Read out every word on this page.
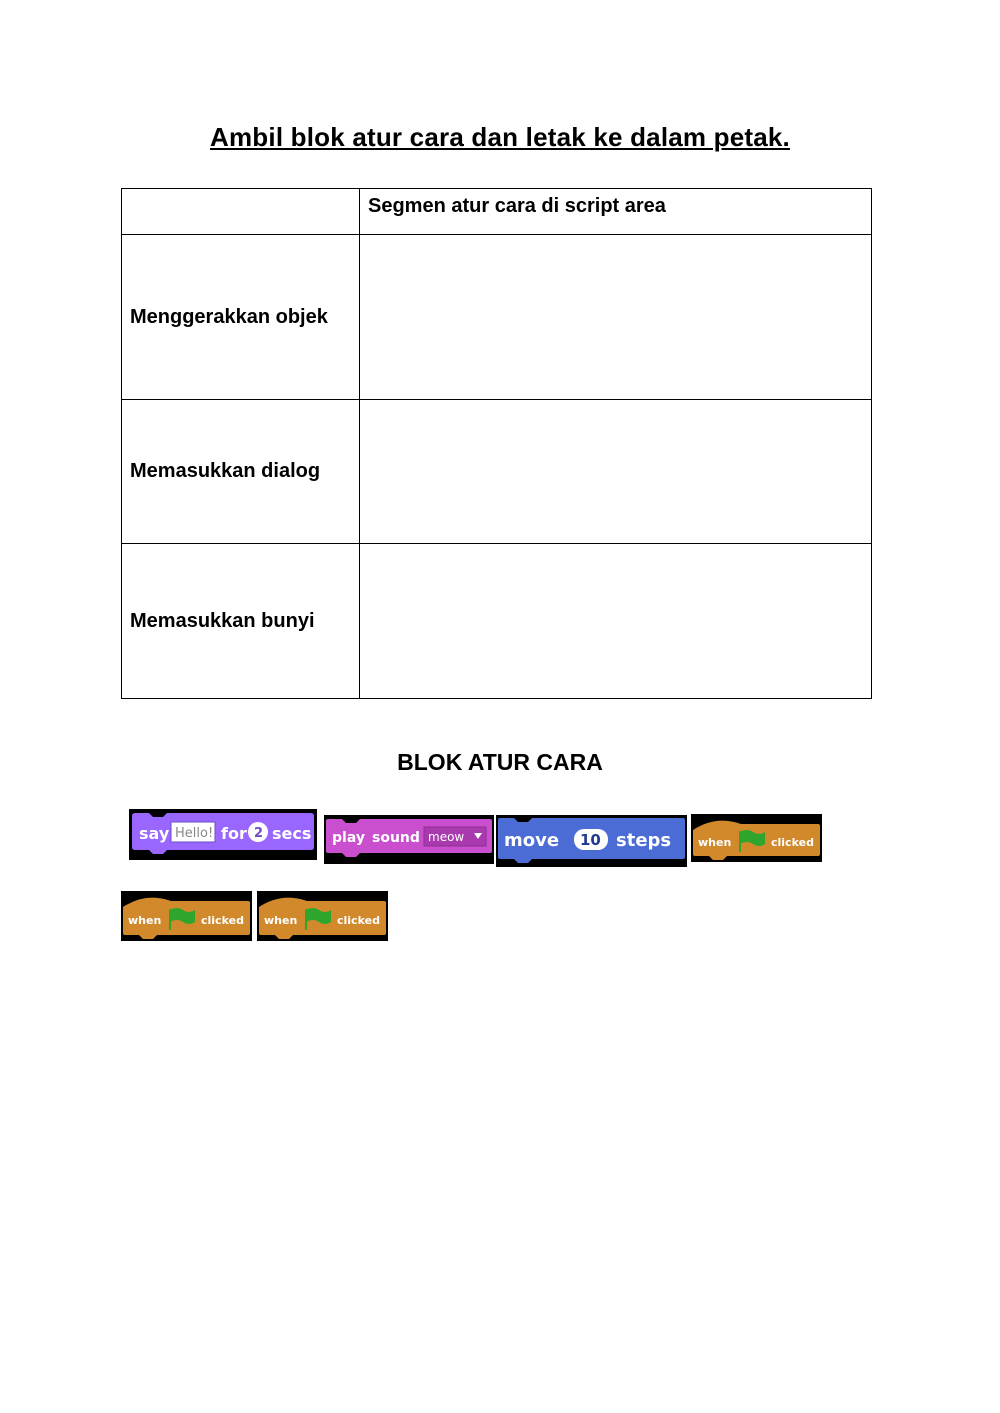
Ambil blok atur cara dan letak ke dalam petak.
	Segmen atur cara di script area
Menggerakkan objek	
Memasukkan dialog	
Memasukkan bunyi	
BLOK ATUR CARA
say Hello! for 2 secs play sound meow move 10 steps when	clicked
when	clicked when	clicked
